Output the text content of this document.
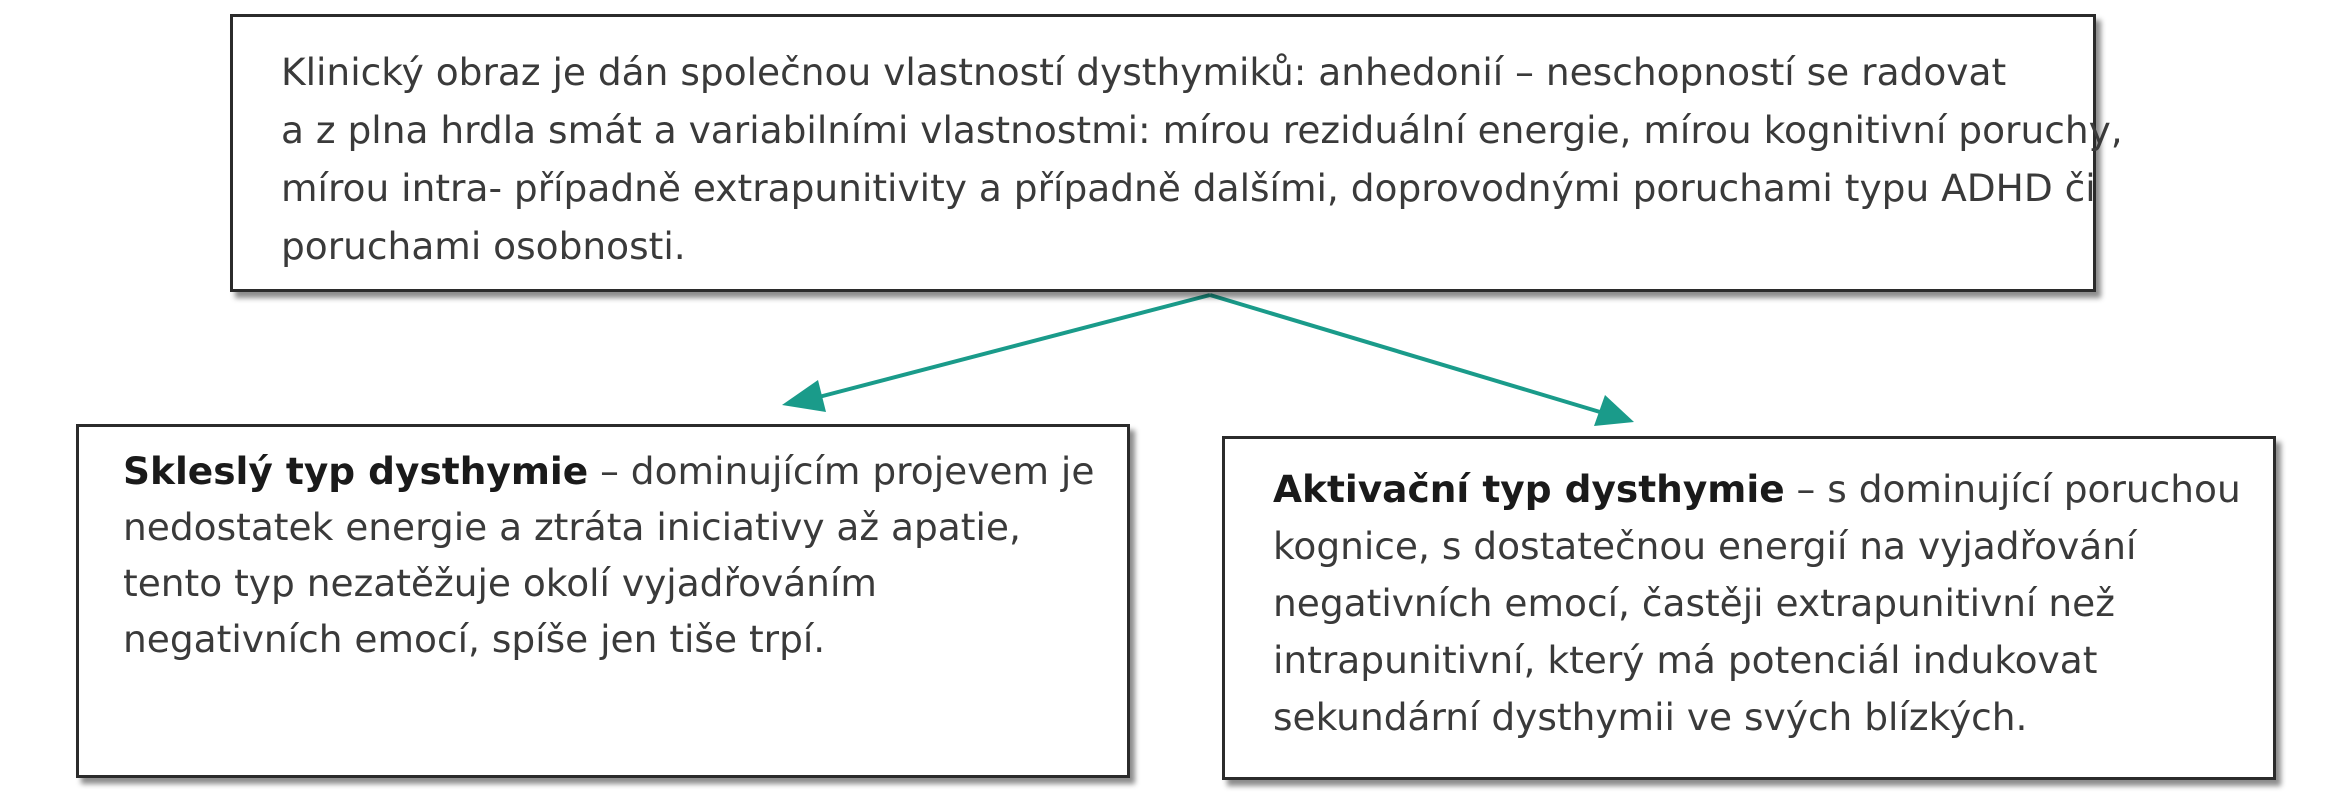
Klinický obraz je dán společnou vlastností dysthymiků: anhedonií – neschopností se radovat
a z plna hrdla smát a variabilními vlastnostmi: mírou reziduální energie, mírou kognitivní poruchy,
mírou intra- případně extrapunitivity a případně dalšími, doprovodnými poruchami typu ADHD či
poruchami osobnosti.
Skleslý typ dysthymie – dominujícím projevem je
nedostatek energie a ztráta iniciativy až apatie,
tento typ nezatěžuje okolí vyjadřováním
negativních emocí, spíše jen tiše trpí.
Aktivační typ dysthymie – s dominující poruchou
kognice, s dostatečnou energií na vyjadřování
negativních emocí, častěji extrapunitivní než
intrapunitivní, který má potenciál indukovat
sekundární dysthymii ve svých blízkých.
